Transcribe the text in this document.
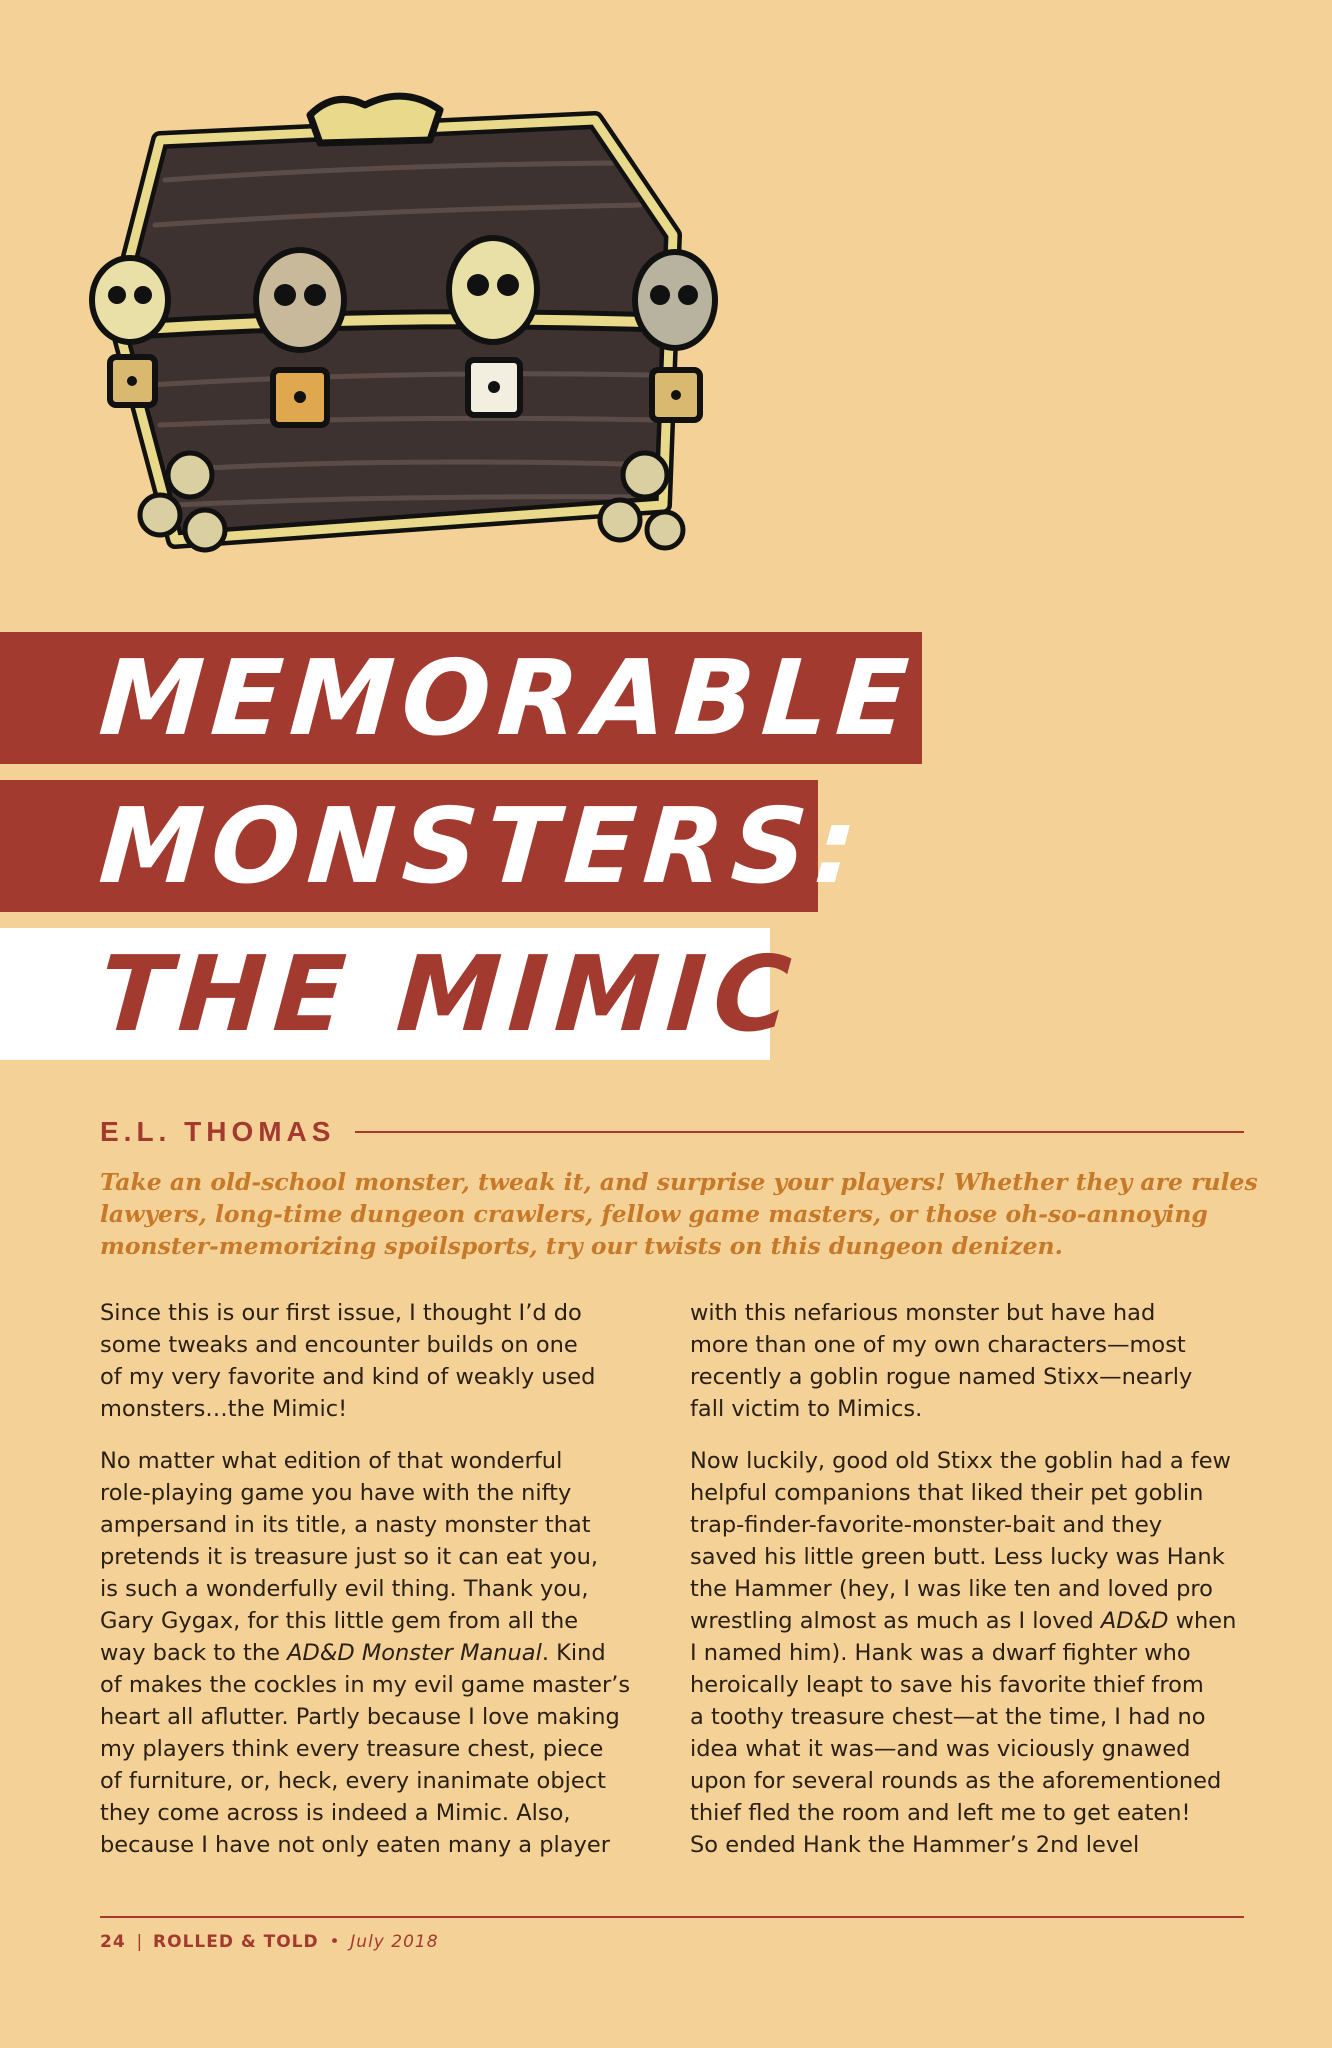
MEMORABLE
MONSTERS:
THE MIMIC
E.L. THOMAS

Take an old-school monster, tweak it, and surprise your players! Whether they are rules

lawyers, long-time dungeon crawlers, fellow game masters, or those oh-so-annoying

monster-memorizing spoilsports, try our twists on this dungeon denizen.

Since this is our first issue, I thought I’d do
some tweaks and encounter builds on one
of my very favorite and kind of weakly used
monsters…the Mimic!

No matter what edition of that wonderful
role-playing game you have with the nifty
ampersand in its title, a nasty monster that
pretends it is treasure just so it can eat you,
is such a wonderfully evil thing. Thank you,
Gary Gygax, for this little gem from all the
way back to the AD&D Monster Manual. Kind
of makes the cockles in my evil game master’s
heart all aflutter. Partly because I love making
my players think every treasure chest, piece
of furniture, or, heck, every inanimate object
they come across is indeed a Mimic. Also,
because I have not only eaten many a player

with this nefarious monster but have had
more than one of my own characters—most
recently a goblin rogue named Stixx—nearly
fall victim to Mimics.

Now luckily, good old Stixx the goblin had a few
helpful companions that liked their pet goblin
trap-finder-favorite-monster-bait and they
saved his little green butt. Less lucky was Hank
the Hammer (hey, I was like ten and loved pro
wrestling almost as much as I loved AD&D when
I named him). Hank was a dwarf fighter who
heroically leapt to save his favorite thief from
a toothy treasure chest—at the time, I had no
idea what it was—and was viciously gnawed
upon for several rounds as the aforementioned
thief fled the room and left me to get eaten!
So ended Hank the Hammer’s 2nd level

24 | ROLLED & TOLD • July 2018
